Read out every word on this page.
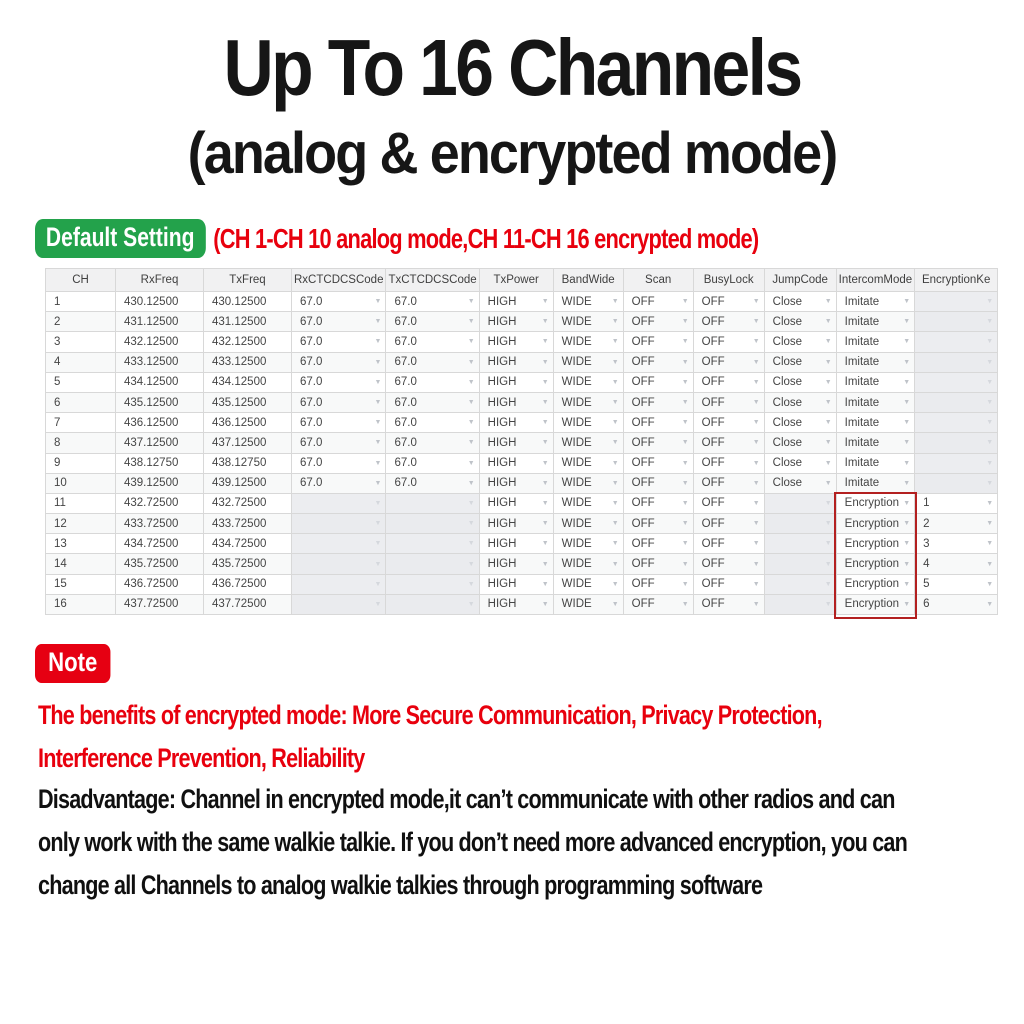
Up To 16 Channels
(analog & encrypted mode)
Default Setting (CH 1-CH 10 analog mode,CH 11-CH 16 encrypted mode)
CH	RxFreq	TxFreq	RxCTCDCSCode	TxCTCDCSCode	TxPower	BandWide	Scan	BusyLock	JumpCode	IntercomMode	EncryptionKe
1	430.12500	430.12500	67.0 ▼	67.0 ▼	HIGH ▼	WIDE ▼	OFF ▼	OFF ▼	Close ▼	Imitate ▼	▼

2	431.12500	431.12500	67.0 ▼	67.0 ▼	HIGH ▼	WIDE ▼	OFF ▼	OFF ▼	Close ▼	Imitate ▼	▼

3	432.12500	432.12500	67.0 ▼	67.0 ▼	HIGH ▼	WIDE ▼	OFF ▼	OFF ▼	Close ▼	Imitate ▼	▼

4	433.12500	433.12500	67.0 ▼	67.0 ▼	HIGH ▼	WIDE ▼	OFF ▼	OFF ▼	Close ▼	Imitate ▼	▼

5	434.12500	434.12500	67.0 ▼	67.0 ▼	HIGH ▼	WIDE ▼	OFF ▼	OFF ▼	Close ▼	Imitate ▼	▼

6	435.12500	435.12500	67.0 ▼	67.0 ▼	HIGH ▼	WIDE ▼	OFF ▼	OFF ▼	Close ▼	Imitate ▼	▼

7	436.12500	436.12500	67.0 ▼	67.0 ▼	HIGH ▼	WIDE ▼	OFF ▼	OFF ▼	Close ▼	Imitate ▼	▼

8	437.12500	437.12500	67.0 ▼	67.0 ▼	HIGH ▼	WIDE ▼	OFF ▼	OFF ▼	Close ▼	Imitate ▼	▼

9	438.12750	438.12750	67.0 ▼	67.0 ▼	HIGH ▼	WIDE ▼	OFF ▼	OFF ▼	Close ▼	Imitate ▼	▼

10	439.12500	439.12500	67.0 ▼	67.0 ▼	HIGH ▼	WIDE ▼	OFF ▼	OFF ▼	Close ▼	Imitate ▼	▼

11	432.72500	432.72500	▼	▼	HIGH ▼	WIDE ▼	OFF ▼	OFF ▼	▼	Encryption ▼	1 ▼

12	433.72500	433.72500	▼	▼	HIGH ▼	WIDE ▼	OFF ▼	OFF ▼	▼	Encryption ▼	2 ▼

13	434.72500	434.72500	▼	▼	HIGH ▼	WIDE ▼	OFF ▼	OFF ▼	▼	Encryption ▼	3 ▼

14	435.72500	435.72500	▼	▼	HIGH ▼	WIDE ▼	OFF ▼	OFF ▼	▼	Encryption ▼	4 ▼

15	436.72500	436.72500	▼	▼	HIGH ▼	WIDE ▼	OFF ▼	OFF ▼	▼	Encryption ▼	5 ▼

16	437.72500	437.72500	▼	▼	HIGH ▼	WIDE ▼	OFF ▼	OFF ▼	▼	Encryption ▼	6 ▼
Note
The benefits of encrypted mode: More Secure Communication, Privacy Protection,
Interference Prevention, Reliability
Disadvantage: Channel in encrypted mode,it can’t communicate with other radios and can
only work with the same walkie talkie. If you don’t need more advanced encryption, you can
change all Channels to analog walkie talkies through programming software
